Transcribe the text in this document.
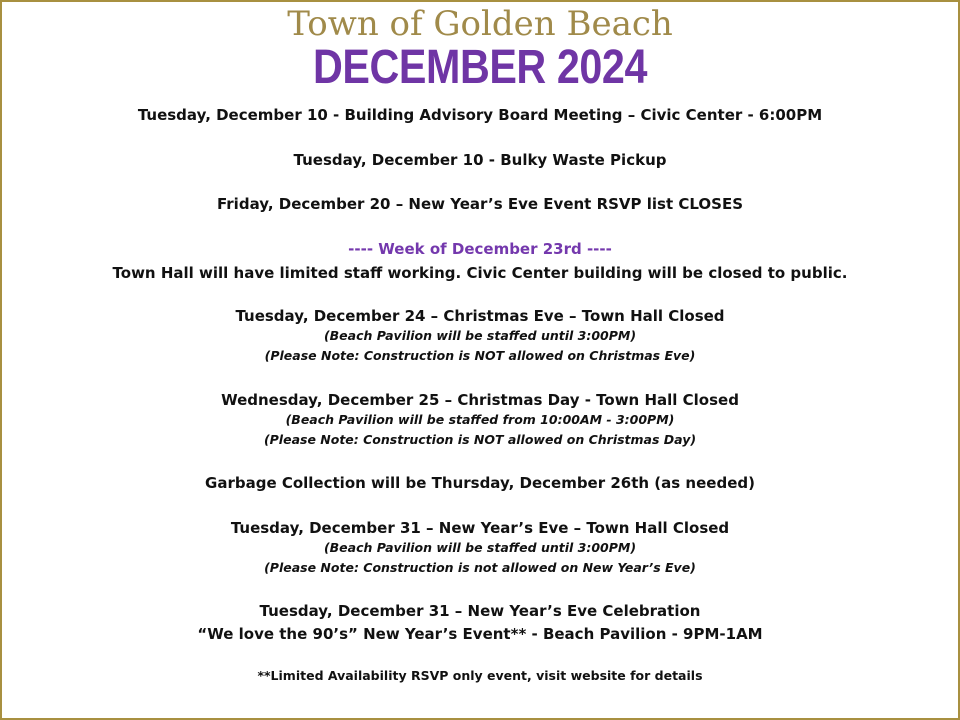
Town of Golden Beach
DECEMBER 2024
Tuesday, December 10 - Building Advisory Board Meeting – Civic Center - 6:00PM
Tuesday, December 10 - Bulky Waste Pickup
Friday, December 20 – New Year’s Eve Event RSVP list CLOSES
---- Week of December 23rd ----
Town Hall will have limited staff working. Civic Center building will be closed to public.
Tuesday, December 24 – Christmas Eve – Town Hall Closed
(Beach Pavilion will be staffed until 3:00PM)
(Please Note: Construction is NOT allowed on Christmas Eve)
Wednesday, December 25 – Christmas Day - Town Hall Closed
(Beach Pavilion will be staffed from 10:00AM - 3:00PM)
(Please Note: Construction is NOT allowed on Christmas Day)
Garbage Collection will be Thursday, December 26th (as needed)
Tuesday, December 31 – New Year’s Eve – Town Hall Closed
(Beach Pavilion will be staffed until 3:00PM)
(Please Note: Construction is not allowed on New Year’s Eve)
Tuesday, December 31 – New Year’s Eve Celebration
“We love the 90’s” New Year’s Event** - Beach Pavilion - 9PM-1AM
**Limited Availability RSVP only event, visit website for details
